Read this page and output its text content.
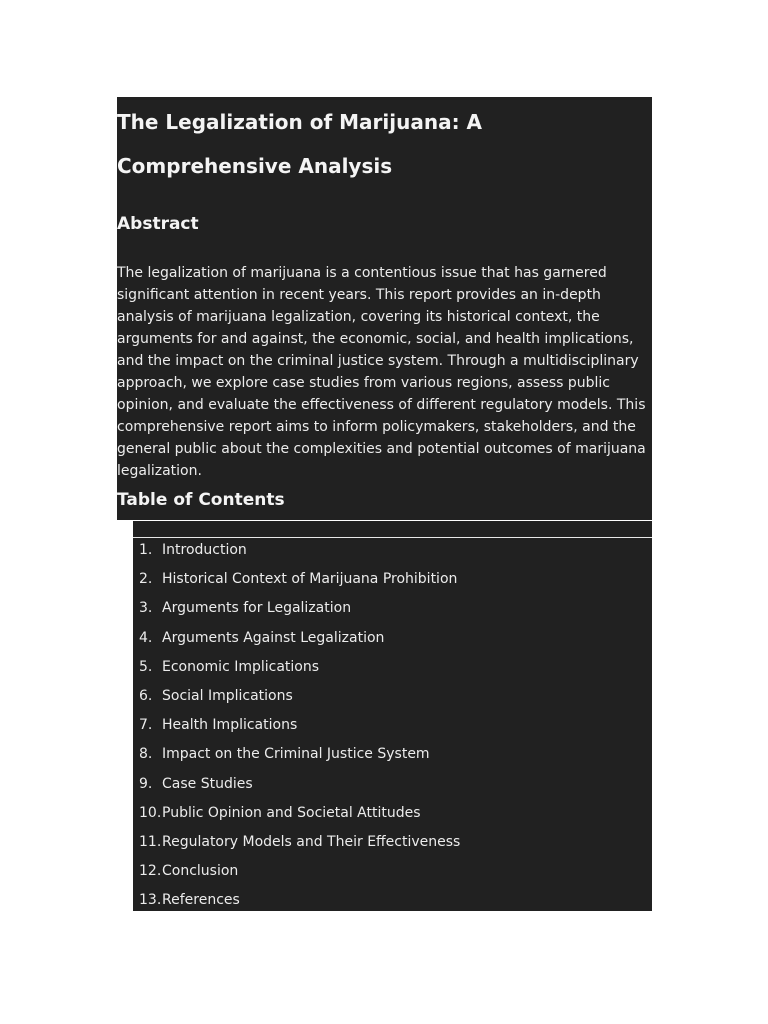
The Legalization of Marijuana: A Comprehensive Analysis
Abstract

The legalization of marijuana is a contentious issue that has garnered significant attention in recent years. This report provides an in-depth analysis of marijuana legalization, covering its historical context, the arguments for and against, the economic, social, and health implications, and the impact on the criminal justice system. Through a multidisciplinary approach, we explore case studies from various regions, assess public opinion, and evaluate the effectiveness of different regulatory models. This comprehensive report aims to inform policymakers, stakeholders, and the general public about the complexities and potential outcomes of marijuana legalization.

Table of Contents
1. Introduction
2. Historical Context of Marijuana Prohibition
3. Arguments for Legalization
4. Arguments Against Legalization
5. Economic Implications
6. Social Implications
7. Health Implications
8. Impact on the Criminal Justice System
9. Case Studies
10.Public Opinion and Societal Attitudes
11.Regulatory Models and Their Effectiveness
12.Conclusion
13.References
